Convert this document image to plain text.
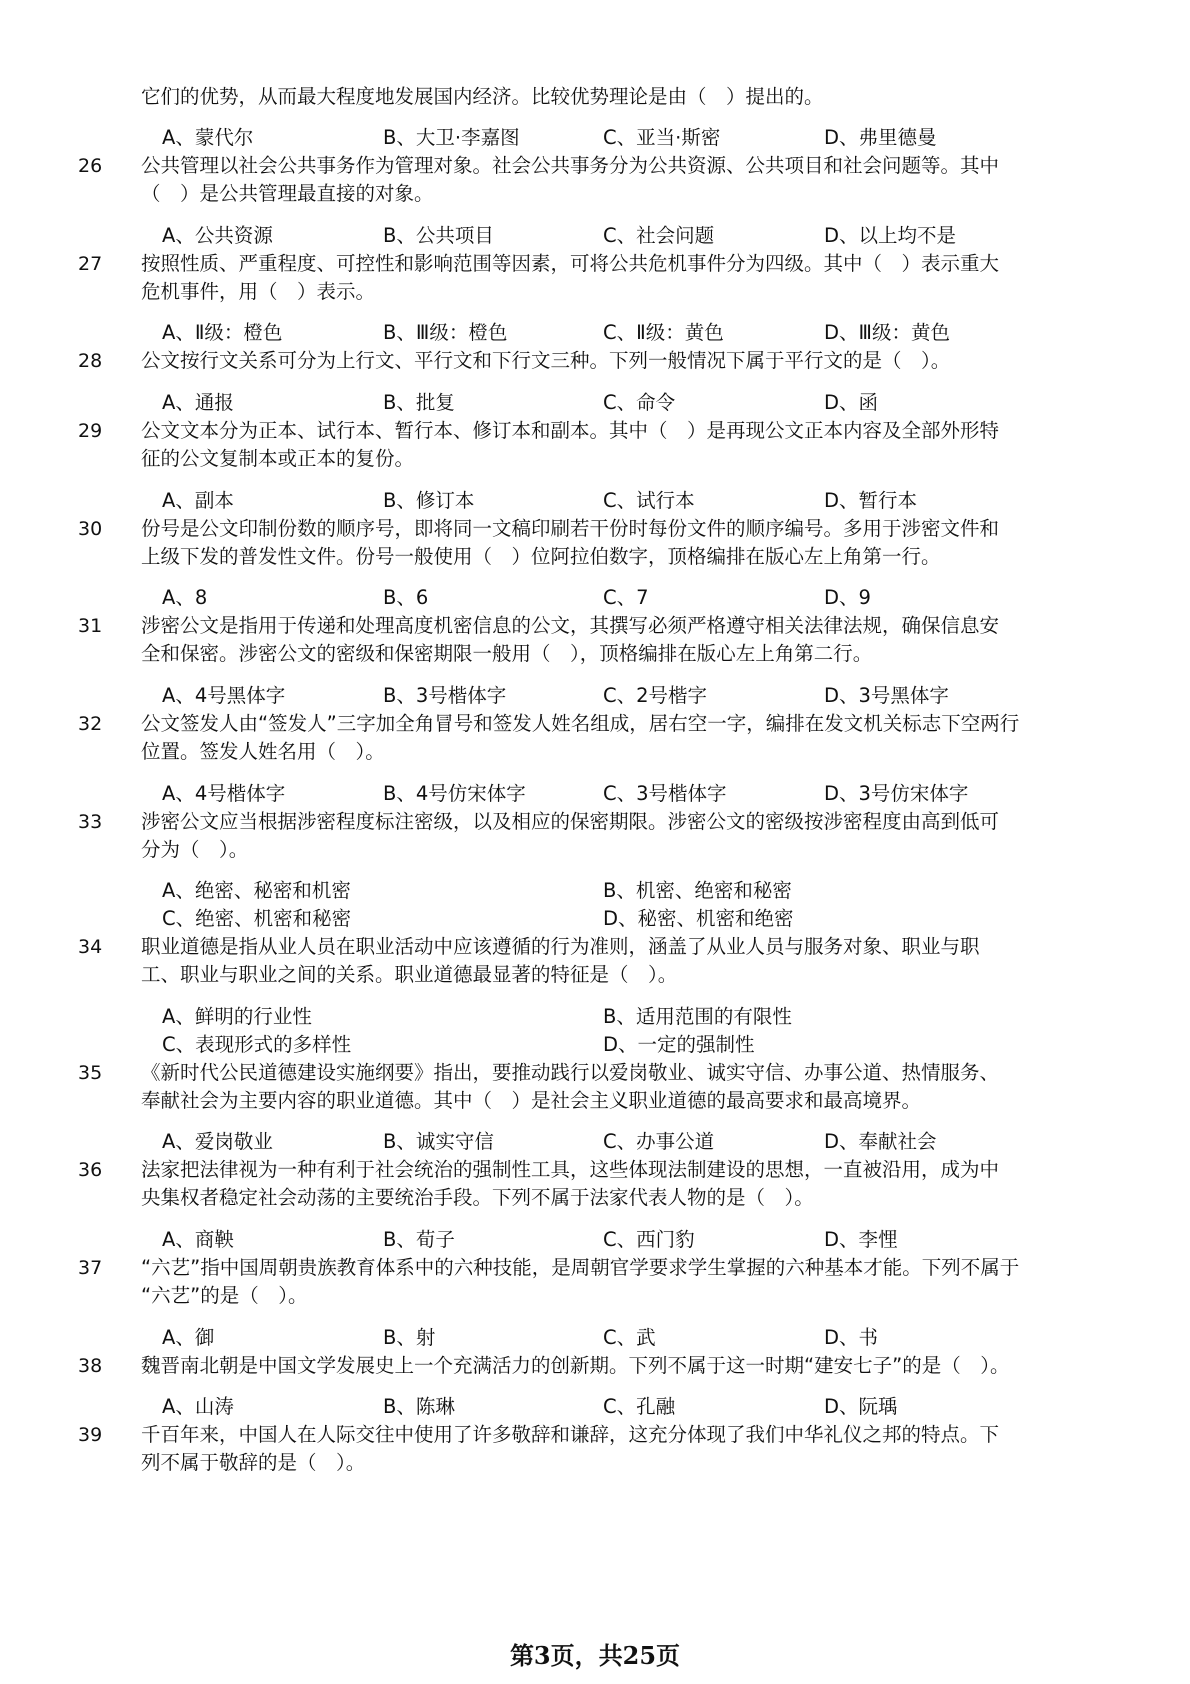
它们的优势，从而最大程度地发展国内经济。比较优势理论是由（　）提出的。
A、蒙代尔	B、大卫·李嘉图	C、亚当·斯密	D、弗里德曼
26 公共管理以社会公共事务作为管理对象。社会公共事务分为公共资源、公共项目和社会问题等。其中
（　）是公共管理最直接的对象。
A、公共资源	B、公共项目	C、社会问题	D、以上均不是
27 按照性质、严重程度、可控性和影响范围等因素，可将公共危机事件分为四级。其中（　）表示重大
危机事件，用（　）表示。
A、Ⅱ级：橙色	B、Ⅲ级：橙色	C、Ⅱ级：黄色	D、Ⅲ级：黄色
28 公文按行文关系可分为上行文、平行文和下行文三种。下列一般情况下属于平行文的是（　）。
A、通报	B、批复	C、命令	D、函
29 公文文本分为正本、试行本、暂行本、修订本和副本。其中（　）是再现公文正本内容及全部外形特
征的公文复制本或正本的复份。
A、副本	B、修订本	C、试行本	D、暂行本
30 份号是公文印制份数的顺序号，即将同一文稿印刷若干份时每份文件的顺序编号。多用于涉密文件和
上级下发的普发性文件。份号一般使用（　）位阿拉伯数字，顶格编排在版心左上角第一行。
A、8	B、6	C、7	D、9
31 涉密公文是指用于传递和处理高度机密信息的公文，其撰写必须严格遵守相关法律法规，确保信息安
全和保密。涉密公文的密级和保密期限一般用（　），顶格编排在版心左上角第二行。
A、4号黑体字	B、3号楷体字	C、2号楷字	D、3号黑体字
32 公文签发人由“签发人”三字加全角冒号和签发人姓名组成，居右空一字，编排在发文机关标志下空两行
位置。签发人姓名用（　）。
A、4号楷体字	B、4号仿宋体字	C、3号楷体字	D、3号仿宋体字
33 涉密公文应当根据涉密程度标注密级，以及相应的保密期限。涉密公文的密级按涉密程度由高到低可
分为（　）。
A、绝密、秘密和机密	B、机密、绝密和秘密
C、绝密、机密和秘密	D、秘密、机密和绝密
34 职业道德是指从业人员在职业活动中应该遵循的行为准则，涵盖了从业人员与服务对象、职业与职
工、职业与职业之间的关系。职业道德最显著的特征是（　）。
A、鲜明的行业性	B、适用范围的有限性
C、表现形式的多样性	D、一定的强制性
35 《新时代公民道德建设实施纲要》指出，要推动践行以爱岗敬业、诚实守信、办事公道、热情服务、
奉献社会为主要内容的职业道德。其中（　）是社会主义职业道德的最高要求和最高境界。
A、爱岗敬业	B、诚实守信	C、办事公道	D、奉献社会
36 法家把法律视为一种有利于社会统治的强制性工具，这些体现法制建设的思想，一直被沿用，成为中
央集权者稳定社会动荡的主要统治手段。下列不属于法家代表人物的是（　）。
A、商鞅	B、荀子	C、西门豹	D、李悝
37 “六艺”指中国周朝贵族教育体系中的六种技能，是周朝官学要求学生掌握的六种基本才能。下列不属于
“六艺”的是（　）。
A、御	B、射	C、武	D、书
38 魏晋南北朝是中国文学发展史上一个充满活力的创新期。下列不属于这一时期“建安七子”的是（　）。
A、山涛	B、陈琳	C、孔融	D、阮瑀
39 千百年来，中国人在人际交往中使用了许多敬辞和谦辞，这充分体现了我们中华礼仪之邦的特点。下
列不属于敬辞的是（　）。
第3页，共25页
